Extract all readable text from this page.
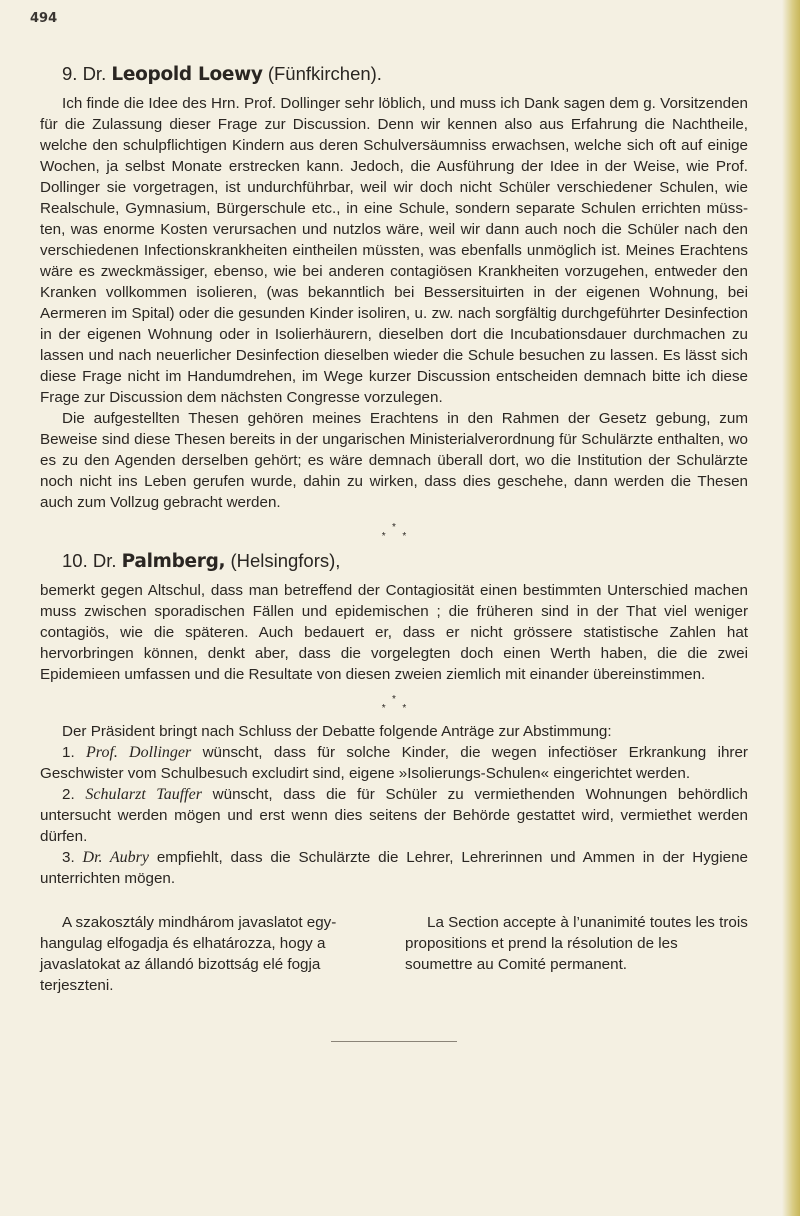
494

9. Dr. Leopold Loewy (Fünfkirchen).

Ich finde die Idee des Hrn. Prof. Dollinger sehr löblich, und muss ich Dank sagen dem g. Vorsitzenden für die Zulassung dieser Frage zur Discussion. Denn wir kennen also aus Erfahrung die Nachtheile, welche den schulpflichtigen Kindern aus deren Schulversäumniss erwachsen, welche sich oft auf einige Wochen, ja selbst Monate erstrecken kann. Jedoch, die Ausführung der Idee in der Weise, wie Prof. Dollinger sie vorgetragen, ist undurchführbar, weil wir doch nicht Schüler verschiedener Schulen, wie Realschule, Gymnasium, Bürgerschule etc., in eine Schule, sondern separate Schulen errichten müssten, was enorme Kosten verursachen und nutzlos wäre, weil wir dann auch noch die Schüler nach den verschiedenen Infectionskrankheiten eintheilen müssten, was ebenfalls unmöglich ist. Meines Erachtens wäre es zweckmässiger, ebenso, wie bei anderen contagiösen Krankheiten vorzugehen, entweder den Kranken vollkommen isolieren, (was bekanntlich bei Bessersituirten in der eigenen Wohnung, bei Aermeren im Spital) oder die gesunden Kinder isoliren, u. zw. nach sorgfältig durchgeführter Desinfection in der eigenen Wohnung oder in Isolierhäurern, dieselben dort die Incubationsdauer durchmachen zu lassen und nach neuerlicher Desinfection dieselben wieder die Schule besuchen zu lassen. Es lässt sich diese Frage nicht im Handumdrehen, im Wege kurzer Discussion entscheiden demnach bitte ich diese Frage zur Discussion dem nächsten Congresse vorzulegen.

Die aufgestellten Thesen gehören meines Erachtens in den Rahmen der Gesetz gebung, zum Beweise sind diese Thesen bereits in der ungarischen Ministerialverordnung für Schulärzte enthalten, wo es zu den Agenden derselben gehört; es wäre demnach überall dort, wo die Institution der Schulärzte noch nicht ins Leben gerufen wurde, dahin zu wirken, dass dies geschehe, dann werden die Thesen auch zum Vollzug gebracht werden.

*
* *

10. Dr. Palmberg, (Helsingfors),

bemerkt gegen Altschul, dass man betreffend der Contagiosität einen bestimmten Unterschied machen muss zwischen sporadischen Fällen und epidemischen ; die früheren sind in der That viel weniger contagiös, wie die späteren. Auch bedauert er, dass er nicht grössere statistische Zahlen hat hervorbringen können, denkt aber, dass die vorgelegten doch einen Werth haben, die die zwei Epidemieen umfassen und die Resultate von diesen zweien ziemlich mit einander übereinstimmen.

*
* *

Der Präsident bringt nach Schluss der Debatte folgende Anträge zur Abstimmung:

1. Prof. Dollinger wünscht, dass für solche Kinder, die wegen infectiöser Erkrankung ihrer Geschwister vom Schulbesuch excludirt sind, eigene »Isolierungs-Schulen« eingerichtet werden.

2. Schularzt Tauffer wünscht, dass die für Schüler zu vermiethenden Wohnungen behördlich untersucht werden mögen und erst wenn dies seitens der Behörde gestattet wird, vermiethet werden dürfen.

3. Dr. Aubry empfiehlt, dass die Schulärzte die Lehrer, Lehrerinnen und Ammen in der Hygiene unterrichten mögen.

A szakosztály mindhárom javaslatot egyhangulag elfogadja és elhatározza, hogy a javaslatokat az állandó bizottság elé fogja terjeszteni.

La Section accepte à l’unanimité toutes les trois propositions et prend la résolution de les soumettre au Comité permanent.
